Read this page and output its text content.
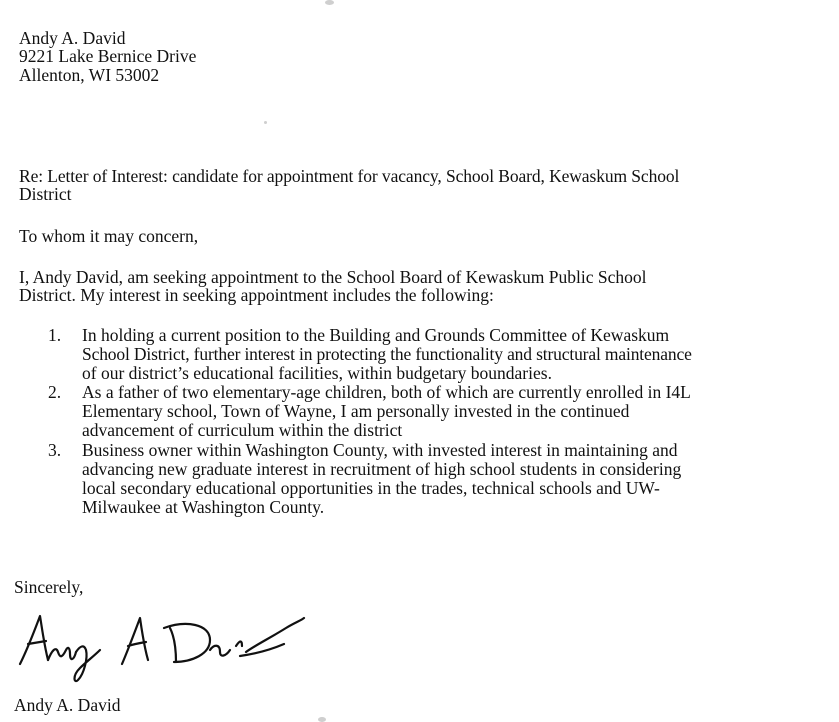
Andy A. David
9221 Lake Bernice Drive
Allenton, WI 53002
Re: Letter of Interest: candidate for appointment for vacancy, School Board, Kewaskum School
District
To whom it may concern,
I, Andy David, am seeking appointment to the School Board of Kewaskum Public School
District. My interest in seeking appointment includes the following:
1. In holding a current position to the Building and Grounds Committee of Kewaskum
School District, further interest in protecting the functionality and structural maintenance
of our district’s educational facilities, within budgetary boundaries.
2. As a father of two elementary-age children, both of which are currently enrolled in I4L
Elementary school, Town of Wayne, I am personally invested in the continued
advancement of curriculum within the district
3. Business owner within Washington County, with invested interest in maintaining and
advancing new graduate interest in recruitment of high school students in considering
local secondary educational opportunities in the trades, technical schools and UW-
Milwaukee at Washington County.
Sincerely,
Andy A. David
